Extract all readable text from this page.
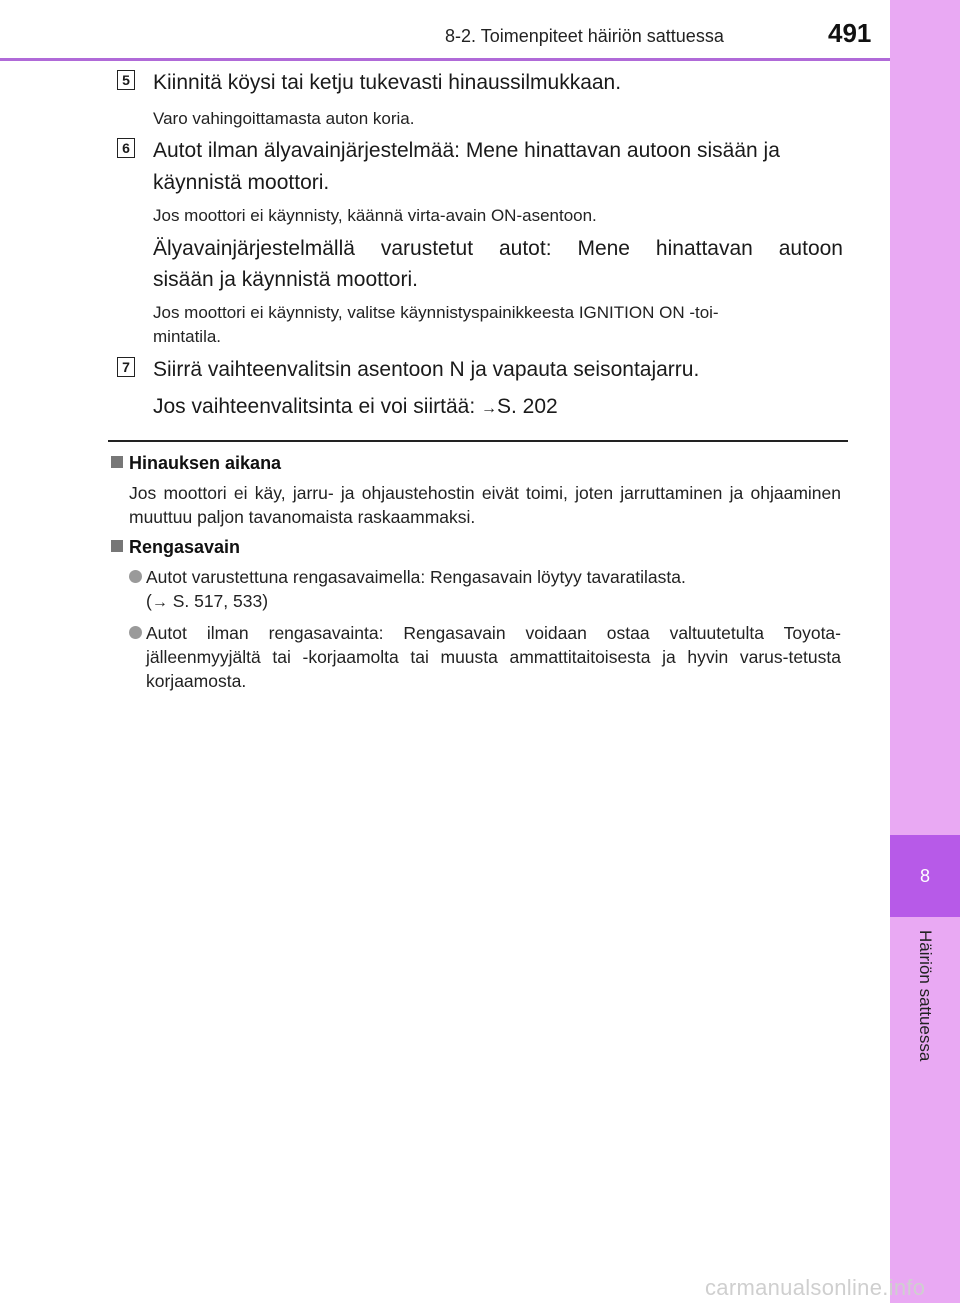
8
Häiriön sattuessa
8-2. Toimenpiteet häiriön sattuessa	491
5 Kiinnitä köysi tai ketju tukevasti hinaussilmukkaan.
Varo vahingoittamasta auton koria.
6 Autot ilman älyavainjärjestelmää: Mene hinattavan autoon sisään ja
käynnistä moottori.
Jos moottori ei käynnisty, käännä virta-avain ON-asentoon.
Älyavainjärjestelmällä varustetut autot: Mene hinattavan autoon
sisään ja käynnistä moottori.
Jos moottori ei käynnisty, valitse käynnistyspainikkeesta IGNITION ON -toi-
mintatila.
7 Siirrä vaihteenvalitsin asentoon N ja vapauta seisontajarru.
Jos vaihteenvalitsinta ei voi siirtää: →S. 202
Hinauksen aikana
Jos moottori ei käy, jarru- ja ohjaustehostin eivät toimi, joten jarruttaminen ja ohjaaminen muuttuu paljon tavanomaista raskaammaksi.
Rengasavain
Autot varustettuna rengasavaimella: Rengasavain löytyy tavaratilasta.
(→ S. 517, 533)
Autot ilman rengasavainta: Rengasavain voidaan ostaa valtuutetulta Toyota-jälleenmyyjältä tai -korjaamolta tai muusta ammattitaitoisesta ja hyvin varus-tetusta korjaamosta.
carmanualsonline.info
